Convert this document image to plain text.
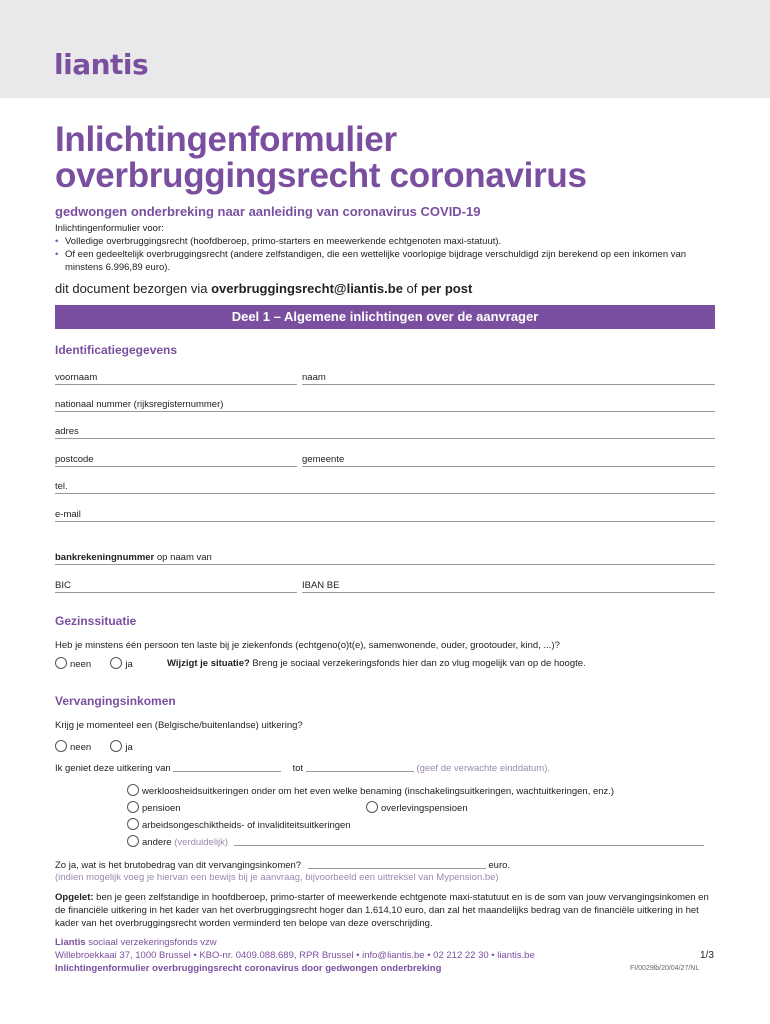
liantis
Inlichtingenformulier
overbruggingsrecht coronavirus
gedwongen onderbreking naar aanleiding van coronavirus COVID-19
Inlichtingenformulier voor:
• Volledige overbruggingsrecht (hoofdberoep, primo-starters en meewerkende echtgenoten maxi-statuut).
• Of een gedeeltelijk overbruggingsrecht (andere zelfstandigen, die een wettelijke voorlopige bijdrage verschuldigd zijn berekend op een inkomen van minstens 6.996,89 euro).
dit document bezorgen via overbruggingsrecht@liantis.be of per post
Deel 1 – Algemene inlichtingen over de aanvrager
Identificatiegegevens
voornaam	naam
nationaal nummer (rijksregisternummer)
adres
postcode	gemeente
tel.
e-mail
bankrekeningnummer op naam van
BIC	IBAN BE
Gezinssituatie
Heb je minstens één persoon ten laste bij je ziekenfonds (echtgeno(o)t(e), samenwonende, ouder, grootouder, kind, ...)?
neen	ja	Wijzigt je situatie? Breng je sociaal verzekeringsfonds hier dan zo vlug mogelijk van op de hoogte.
Vervangingsinkomen
Krijg je momenteel een (Belgische/buitenlandse) uitkering?
neen	ja
Ik geniet deze uitkering van	tot	(geef de verwachte einddatum).
werkloosheidsuitkeringen onder om het even welke benaming (inschakelingsuitkeringen, wachtuitkeringen, enz.)
pensioen	overlevingspensioen
arbeidsongeschiktheids- of invaliditeitsuitkeringen
andere (verduidelijk)
Zo ja, wat is het brutobedrag van dit vervangingsinkomen?	euro.
(indien mogelijk voeg je hiervan een bewijs bij je aanvraag, bijvoorbeeld een uittreksel van Mypension.be)
Opgelet: ben je geen zelfstandige in hoofdberoep, primo-starter of meewerkende echtgenote maxi-statutuut en is de som van jouw vervangingsinkomen en de financiële uitkering in het kader van het overbruggingsrecht hoger dan 1.614,10 euro, dan zal het maandelijks bedrag van de financiële uitkering in het kader van het overbruggingsrecht worden verminderd ten belope van deze overschrijding.
Liantis sociaal verzekeringsfonds vzw
Willebroekkaai 37, 1000 Brussel • KBO-nr. 0409.088.689, RPR Brussel • info@liantis.be • 02 212 22 30 • liantis.be
Inlichtingenformulier overbruggingsrecht coronavirus door gedwongen onderbreking
1/3
FI/0029lb/20/04/27/NL
